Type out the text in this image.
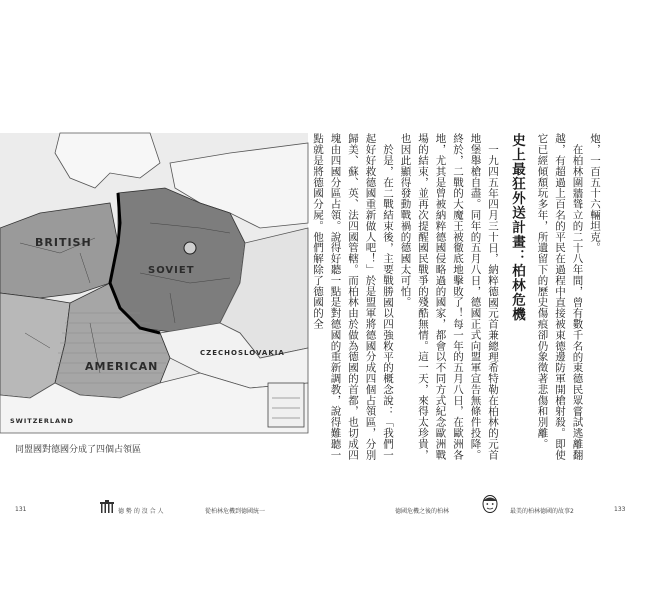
BRITISH
SOVIET
AMERICAN
CZECHOSLOVAKIA
SWITZERLAND
同盟國對德國分成了四個占領區
131	德 勢 的 沒 合 人	從柏林危機到德國統一

炮，一百五十六輛坦克。

在柏林圍牆聳立的二十八年間，曾有數千名的東德民眾嘗試逃離翻越，有超過上百名的平民在過程中直接被東德邊防軍開槍射殺。即使它已經傾頹玩多年，所遺留下的歷史傷痕卻仍象徵著悲傷和別離。

史上最狂外送計畫：柏林危機

一九四五年四月三十日，納粹德國元首兼總理希特勒在柏林的元首地堡舉槍自盡。同年的五月八日，德國正式向盟軍宣告無條件投降。終於，二戰的大魔王被徹底地擊敗了！每一年的五月八日，在歐洲各地，尤其是曾被納粹德國侵略過的國家，都會以不同方式紀念歐洲戰場的結束，並再次提醒國民戰爭的殘酷無情。這一天，來得太珍貴，也因此顯得發動戰禍的德國太可怕。

於是，在二戰結束後，主要戰勝國以四強敉平的概念說：「我們一起好好救德國重新做人吧！」於是盟軍將德國分成四個占領區，分別歸美、蘇、英、法四國管轄。而柏林由於做為德國的首都，也切成四塊由四國分區占領。說得好聽一點是對德國的重新調教，說得難聽一點就是將德國分屍。他們解除了德國的全

德國危機之後的柏林	最美的柏林德國的故事2	133
